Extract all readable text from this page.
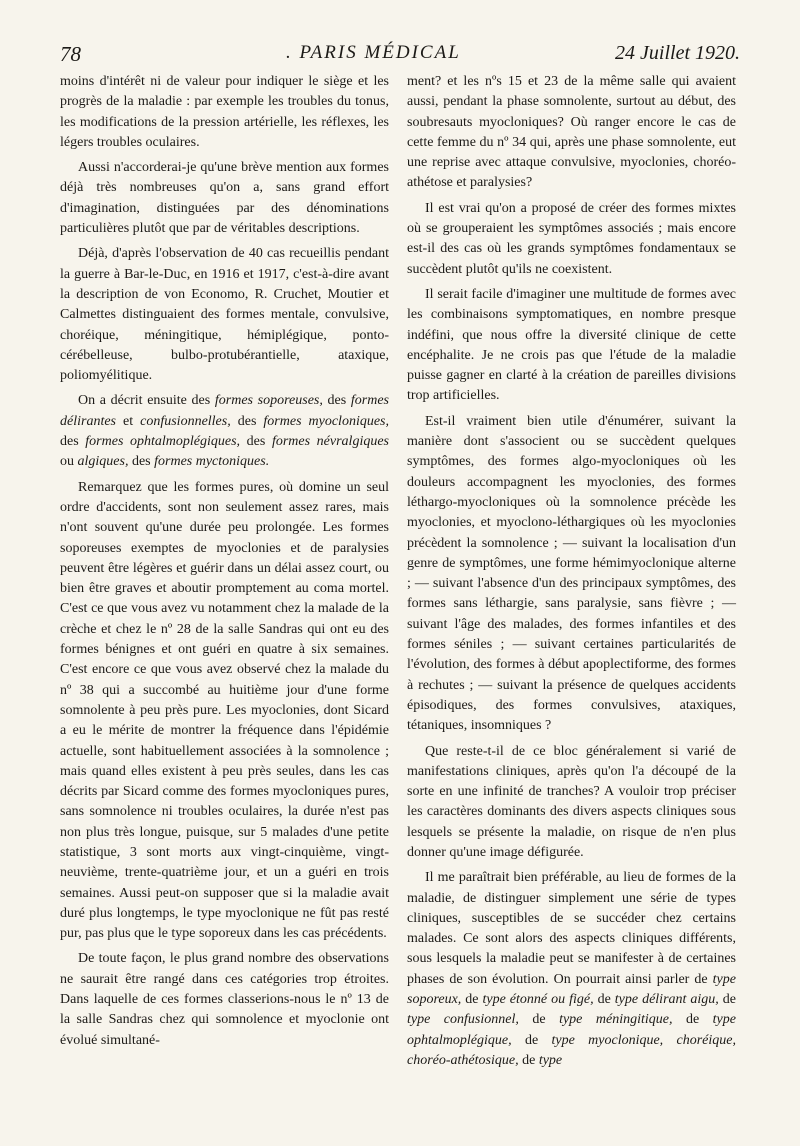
78	. PARIS MÉDICAL	24 Juillet 1920.

moins d'intérêt ni de valeur pour indiquer le siège et les progrès de la maladie : par exemple les troubles du tonus, les modifications de la pression artérielle, les réflexes, les légers troubles oculaires.

Aussi n'accorderai-je qu'une brève mention aux formes déjà très nombreuses qu'on a, sans grand effort d'imagination, distinguées par des dénominations particulières plutôt que par de véritables descriptions.

Déjà, d'après l'observation de 40 cas recueillis pendant la guerre à Bar-le-Duc, en 1916 et 1917, c'est-à-dire avant la description de von Economo, R. Cruchet, Moutier et Calmettes distinguaient des formes mentale, convulsive, choréique, méningitique, hémiplégique, ponto-cérébelleuse, bulbo-protubérantielle, ataxique, poliomyélitique.

On a décrit ensuite des formes soporeuses, des formes délirantes et confusionnelles, des formes myocloniques, des formes ophtalmoplégiques, des formes névralgiques ou algiques, des formes myctoniques.

Remarquez que les formes pures, où domine un seul ordre d'accidents, sont non seulement assez rares, mais n'ont souvent qu'une durée peu prolongée. Les formes soporeuses exemptes de myoclonies et de paralysies peuvent être légères et guérir dans un délai assez court, ou bien être graves et aboutir promptement au coma mortel. C'est ce que vous avez vu notamment chez la malade de la crèche et chez le nº 28 de la salle Sandras qui ont eu des formes bénignes et ont guéri en quatre à six semaines. C'est encore ce que vous avez observé chez la malade du nº 38 qui a succombé au huitième jour d'une forme somnolente à peu près pure. Les myoclonies, dont Sicard a eu le mérite de montrer la fréquence dans l'épidémie actuelle, sont habituellement associées à la somnolence ; mais quand elles existent à peu près seules, dans les cas décrits par Sicard comme des formes myocloniques pures, sans somnolence ni troubles oculaires, la durée n'est pas non plus très longue, puisque, sur 5 malades d'une petite statistique, 3 sont morts aux vingt-cinquième, vingt-neuvième, trente-quatrième jour, et un a guéri en trois semaines. Aussi peut-on supposer que si la maladie avait duré plus longtemps, le type myoclonique ne fût pas resté pur, pas plus que le type soporeux dans les cas précédents.

De toute façon, le plus grand nombre des observations ne saurait être rangé dans ces catégories trop étroites. Dans laquelle de ces formes classerions-nous le nº 13 de la salle Sandras chez qui somnolence et myoclonie ont évolué simultané-

ment? et les nºs 15 et 23 de la même salle qui avaient aussi, pendant la phase somnolente, surtout au début, des soubresauts myocloniques? Où ranger encore le cas de cette femme du nº 34 qui, après une phase somnolente, eut une reprise avec attaque convulsive, myoclonies, choréo-athétose et paralysies?

Il est vrai qu'on a proposé de créer des formes mixtes où se grouperaient les symptômes associés ; mais encore est-il des cas où les grands symptômes fondamentaux se succèdent plutôt qu'ils ne coexistent.

Il serait facile d'imaginer une multitude de formes avec les combinaisons symptomatiques, en nombre presque indéfini, que nous offre la diversité clinique de cette encéphalite. Je ne crois pas que l'étude de la maladie puisse gagner en clarté à la création de pareilles divisions trop artificielles.

Est-il vraiment bien utile d'énumérer, suivant la manière dont s'associent ou se succèdent quelques symptômes, des formes algo-myocloniques où les douleurs accompagnent les myoclonies, des formes léthargo-myocloniques où la somnolence précède les myoclonies, et myoclono-léthargiques où les myoclonies précèdent la somnolence ; — suivant la localisation d'un genre de symptômes, une forme hémimyoclonique alterne ; — suivant l'absence d'un des principaux symptômes, des formes sans léthargie, sans paralysie, sans fièvre ; — suivant l'âge des malades, des formes infantiles et des formes séniles ; — suivant certaines particularités de l'évolution, des formes à début apoplectiforme, des formes à rechutes ; — suivant la présence de quelques accidents épisodiques, des formes convulsives, ataxiques, tétaniques, insomniques ?

Que reste-t-il de ce bloc généralement si varié de manifestations cliniques, après qu'on l'a découpé de la sorte en une infinité de tranches? A vouloir trop préciser les caractères dominants des divers aspects cliniques sous lesquels se présente la maladie, on risque de n'en plus donner qu'une image défigurée.

Il me paraîtrait bien préférable, au lieu de formes de la maladie, de distinguer simplement une série de types cliniques, susceptibles de se succéder chez certains malades. Ce sont alors des aspects cliniques différents, sous lesquels la maladie peut se manifester à de certaines phases de son évolution. On pourrait ainsi parler de type soporeux, de type étonné ou figé, de type délirant aigu, de type confusionnel, de type méningitique, de type ophtalmoplégique, de type myoclonique, choréique, choréo-athétosique, de type
